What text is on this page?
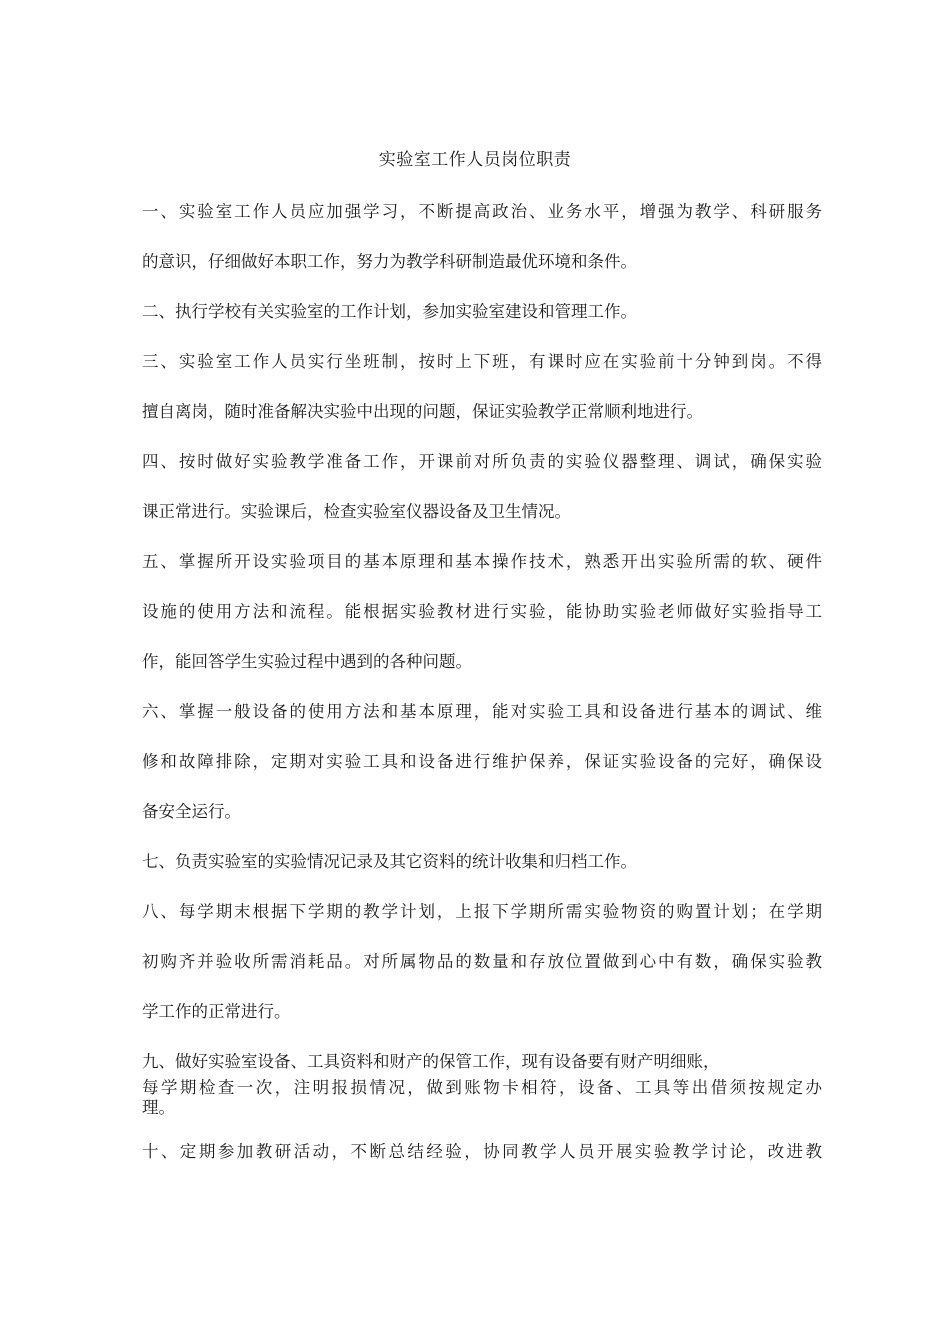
实验室工作人员岗位职责
一、实验室工作人员应加强学习，不断提高政治、业务水平，增强为教学、科研服务
的意识，仔细做好本职工作，努力为教学科研制造最优环境和条件。
二、执行学校有关实验室的工作计划，参加实验室建设和管理工作。
三、实验室工作人员实行坐班制，按时上下班，有课时应在实验前十分钟到岗。不得
擅自离岗，随时准备解决实验中出现的问题，保证实验教学正常顺利地进行。
四、按时做好实验教学准备工作，开课前对所负责的实验仪器整理、调试，确保实验
课正常进行。实验课后，检查实验室仪器设备及卫生情况。
五、掌握所开设实验项目的基本原理和基本操作技术，熟悉开出实验所需的软、硬件
设施的使用方法和流程。能根据实验教材进行实验，能协助实验老师做好实验指导工
作，能回答学生实验过程中遇到的各种问题。
六、掌握一般设备的使用方法和基本原理，能对实验工具和设备进行基本的调试、维
修和故障排除，定期对实验工具和设备进行维护保养，保证实验设备的完好，确保设
备安全运行。
七、负责实验室的实验情况记录及其它资料的统计收集和归档工作。
八、每学期末根据下学期的教学计划，上报下学期所需实验物资的购置计划；在学期
初购齐并验收所需消耗品。对所属物品的数量和存放位置做到心中有数，确保实验教
学工作的正常进行。
九、做好实验室设备、工具资料和财产的保管工作，现有设备要有财产明细账，
每学期检查一次，注明报损情况，做到账物卡相符，设备、工具等出借须按规定办
理。
十、定期参加教研活动，不断总结经验，协同教学人员开展实验教学讨论，改进教
